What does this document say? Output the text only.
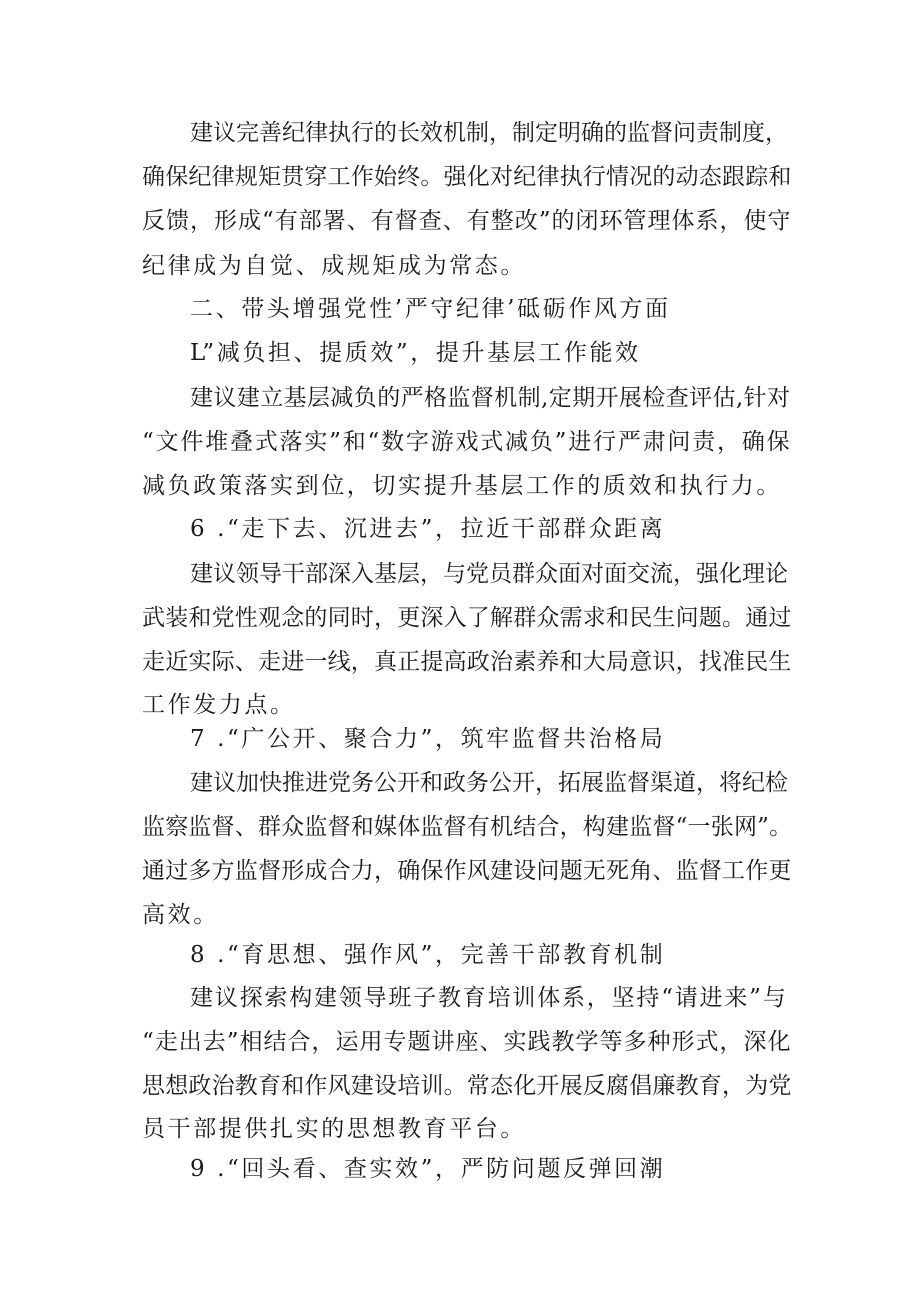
建议完善纪律执行的长效机制，制定明确的监督问责制度，
确保纪律规矩贯穿工作始终。强化对纪律执行情况的动态跟踪和
反馈，形成“有部署、有督查、有整改”的闭环管理体系，使守
纪律成为自觉、成规矩成为常态。
二、带头增强党性’严守纪律’砥砺作风方面
L”减负担、提质效”，提升基层工作能效
建议建立基层减负的严格监督机制,定期开展检查评估,针对
“文件堆叠式落实”和“数字游戏式减负”进行严肃问责，确保
减负政策落实到位，切实提升基层工作的质效和执行力。
6 .“走下去、沉进去”，拉近干部群众距离
建议领导干部深入基层，与党员群众面对面交流，强化理论
武装和党性观念的同时，更深入了解群众需求和民生问题。通过
走近实际、走进一线，真正提高政治素养和大局意识，找准民生
工作发力点。
7 .“广公开、聚合力”，筑牢监督共治格局
建议加快推进党务公开和政务公开，拓展监督渠道，将纪检
监察监督、群众监督和媒体监督有机结合，构建监督“一张网”。
通过多方监督形成合力，确保作风建设问题无死角、监督工作更
高效。
8 .“育思想、强作风”，完善干部教育机制
建议探索构建领导班子教育培训体系，坚持“请进来”与
“走出去”相结合，运用专题讲座、实践教学等多种形式，深化
思想政治教育和作风建设培训。常态化开展反腐倡廉教育，为党
员干部提供扎实的思想教育平台。
9 .“回头看、查实效”，严防问题反弹回潮
